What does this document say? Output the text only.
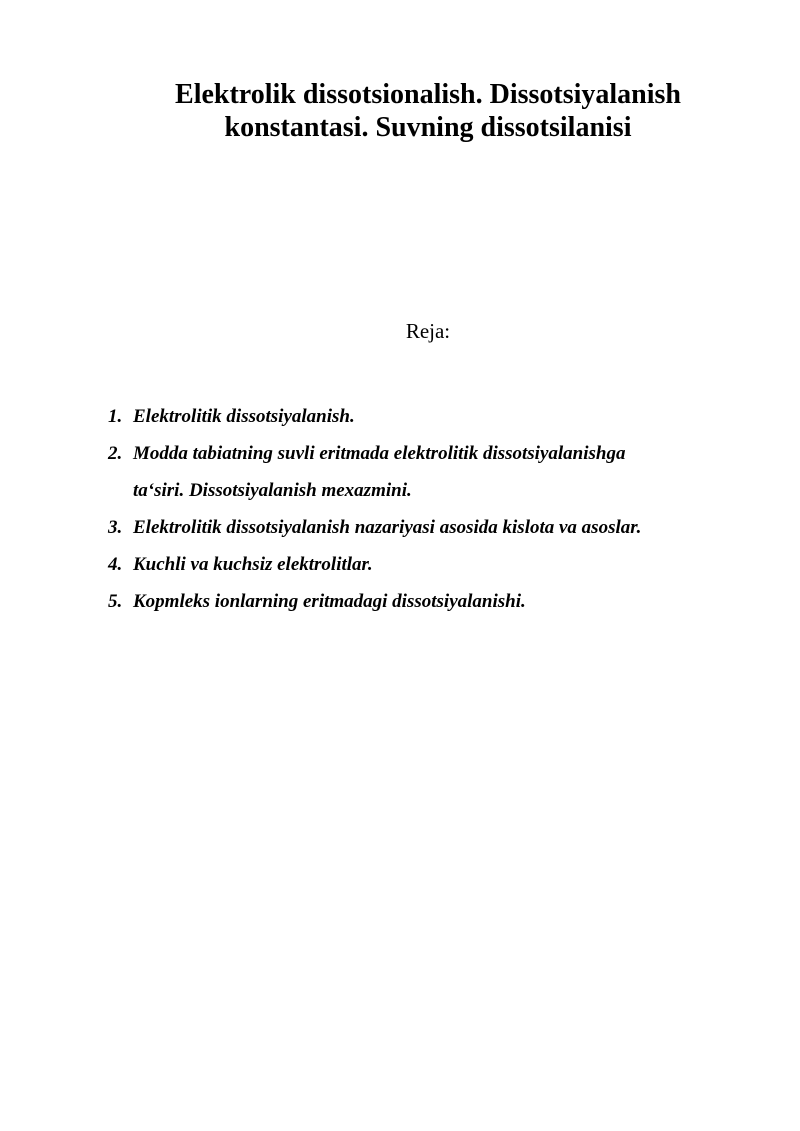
Elektrolik dissotsionalish. Dissotsiyalanish
konstantasi. Suvning dissotsilanisi

Reja:

1. Elektrolitik dissotsiyalanish.
2. Modda tabiatning suvli eritmada elektrolitik dissotsiyalanishga
ta‘siri. Dissotsiyalanish mexazmini.
3. Elektrolitik dissotsiyalanish nazariyasi asosida kislota va asoslar.
4. Kuchli va kuchsiz elektrolitlar.
5. Kopmleks ionlarning eritmadagi dissotsiyalanishi.
